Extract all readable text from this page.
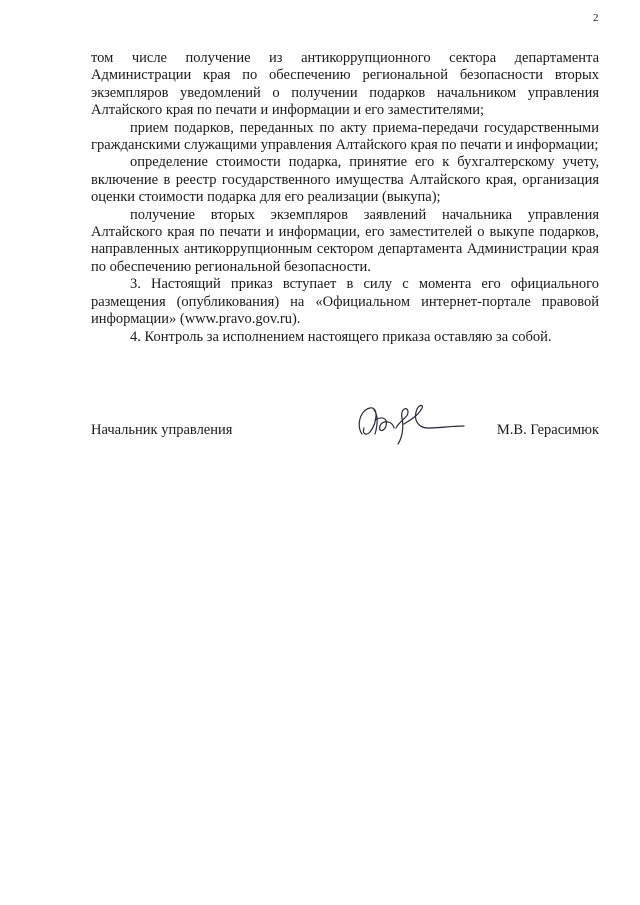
2

том числе получение из антикоррупционного сектора департамента Администрации края по обеспечению региональной безопасности вторых экземпляров уведомлений о получении подарков начальником управления Алтайского края по печати и информации и его заместителями;

прием подарков, переданных по акту приема-передачи государственными гражданскими служащими управления Алтайского края по печати и информации;

определение стоимости подарка, принятие его к бухгалтерскому учету, включение в реестр государственного имущества Алтайского края, организация оценки стоимости подарка для его реализации (выкупа);

получение вторых экземпляров заявлений начальника управления Алтайского края по печати и информации, его заместителей о выкупе подарков, направленных антикоррупционным сектором департамента Администрации края по обеспечению региональной безопасности.

3. Настоящий приказ вступает в силу с момента его официального размещения (опубликования) на «Официальном интернет-портале правовой информации» (www.pravo.gov.ru).

4. Контроль за исполнением настоящего приказа оставляю за собой.

Начальник управления	М.В. Герасимюк
